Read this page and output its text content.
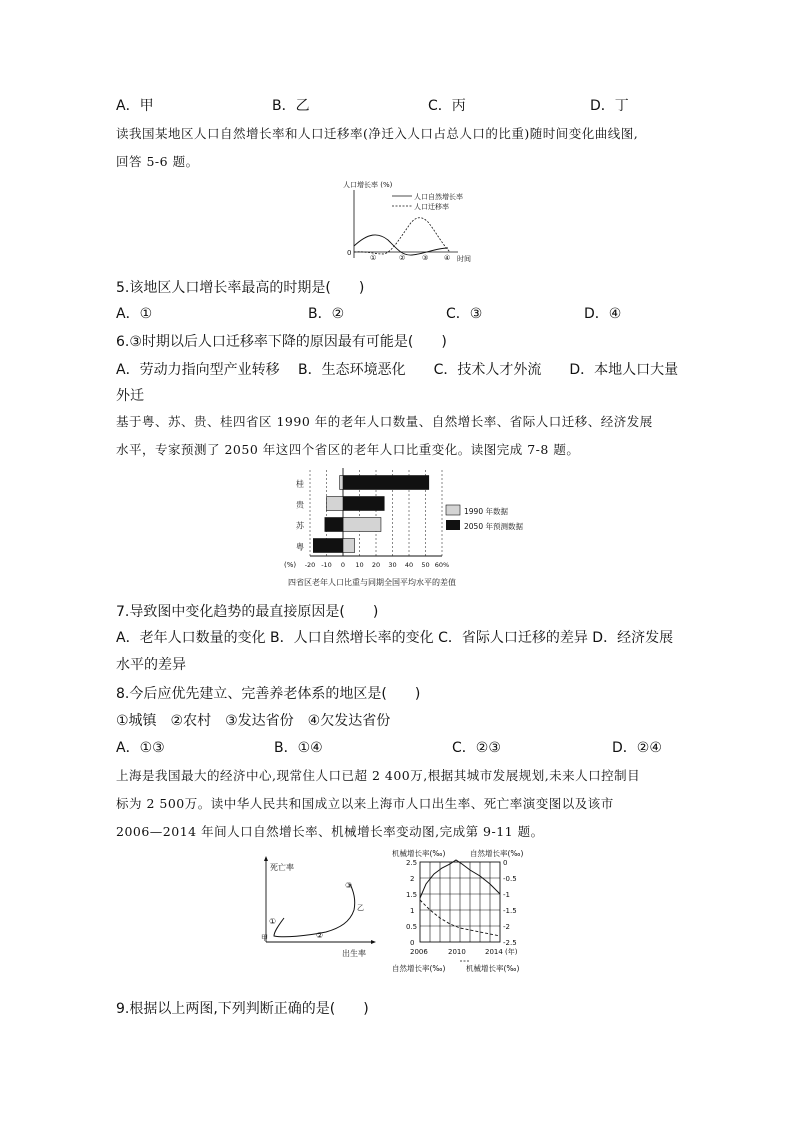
A．甲	B．乙	C．丙	D．丁
读我国某地区人口自然增长率和人口迁移率(净迁入人口占总人口的比重)随时间变化曲线图,
回答 5-6 题。
人口增长率 (%)
0
人口自然增长率
人口迁移率
①	② ③ ④ 时间
5.该地区人口增长率最高的时期是(　　)
A．①	B．②	C．③	D．④
6.③时期以后人口迁移率下降的原因最有可能是(　　)
A．劳动力指向型产业转移　 B．生态环境恶化　　C．技术人才外流　　D．本地人口大量
外迁
基于粤、苏、贵、桂四省区 1990 年的老年人口数量、自然增长率、省际人口迁移、经济发展
水平，专家预测了 2050 年这四个省区的老年人口比重变化。读图完成 7-8 题。
桂
贵
苏
粤
-20 -10 0 10 20 30 40 50 60%
(%)
1990 年数据
2050 年预测数据
四省区老年人口比重与同期全国平均水平的差值
7.导致图中变化趋势的最直接原因是(　　)
A．老年人口数量的变化 B．人口自然增长率的变化 C．省际人口迁移的差异 D．经济发展
水平的差异
8.今后应优先建立、完善养老体系的地区是(　　)
①城镇　②农村　③发达省份　④欠发达省份
A．①③	B．①④	C．②③	D．②④
上海是我国最大的经济中心,现常住人口已超 2 400万,根据其城市发展规划,未来人口控制目
标为 2 500万。读中华人民共和国成立以来上海市人口出生率、死亡率演变图以及该市
2006—2014 年间人口自然增长率、机械增长率变动图,完成第 9-11 题。
死亡率
出生率
甲
①
②
③
乙
机械增长率(‰)	自然增长率(‰)
2.5
2
1.5
1
0.5
0
0
-0.5
-1
-1.5
-2
-2.5
2006	2010	2014 (年)
自然增长率(‰)	机械增长率(‰)
9.根据以上两图,下列判断正确的是(　　)
